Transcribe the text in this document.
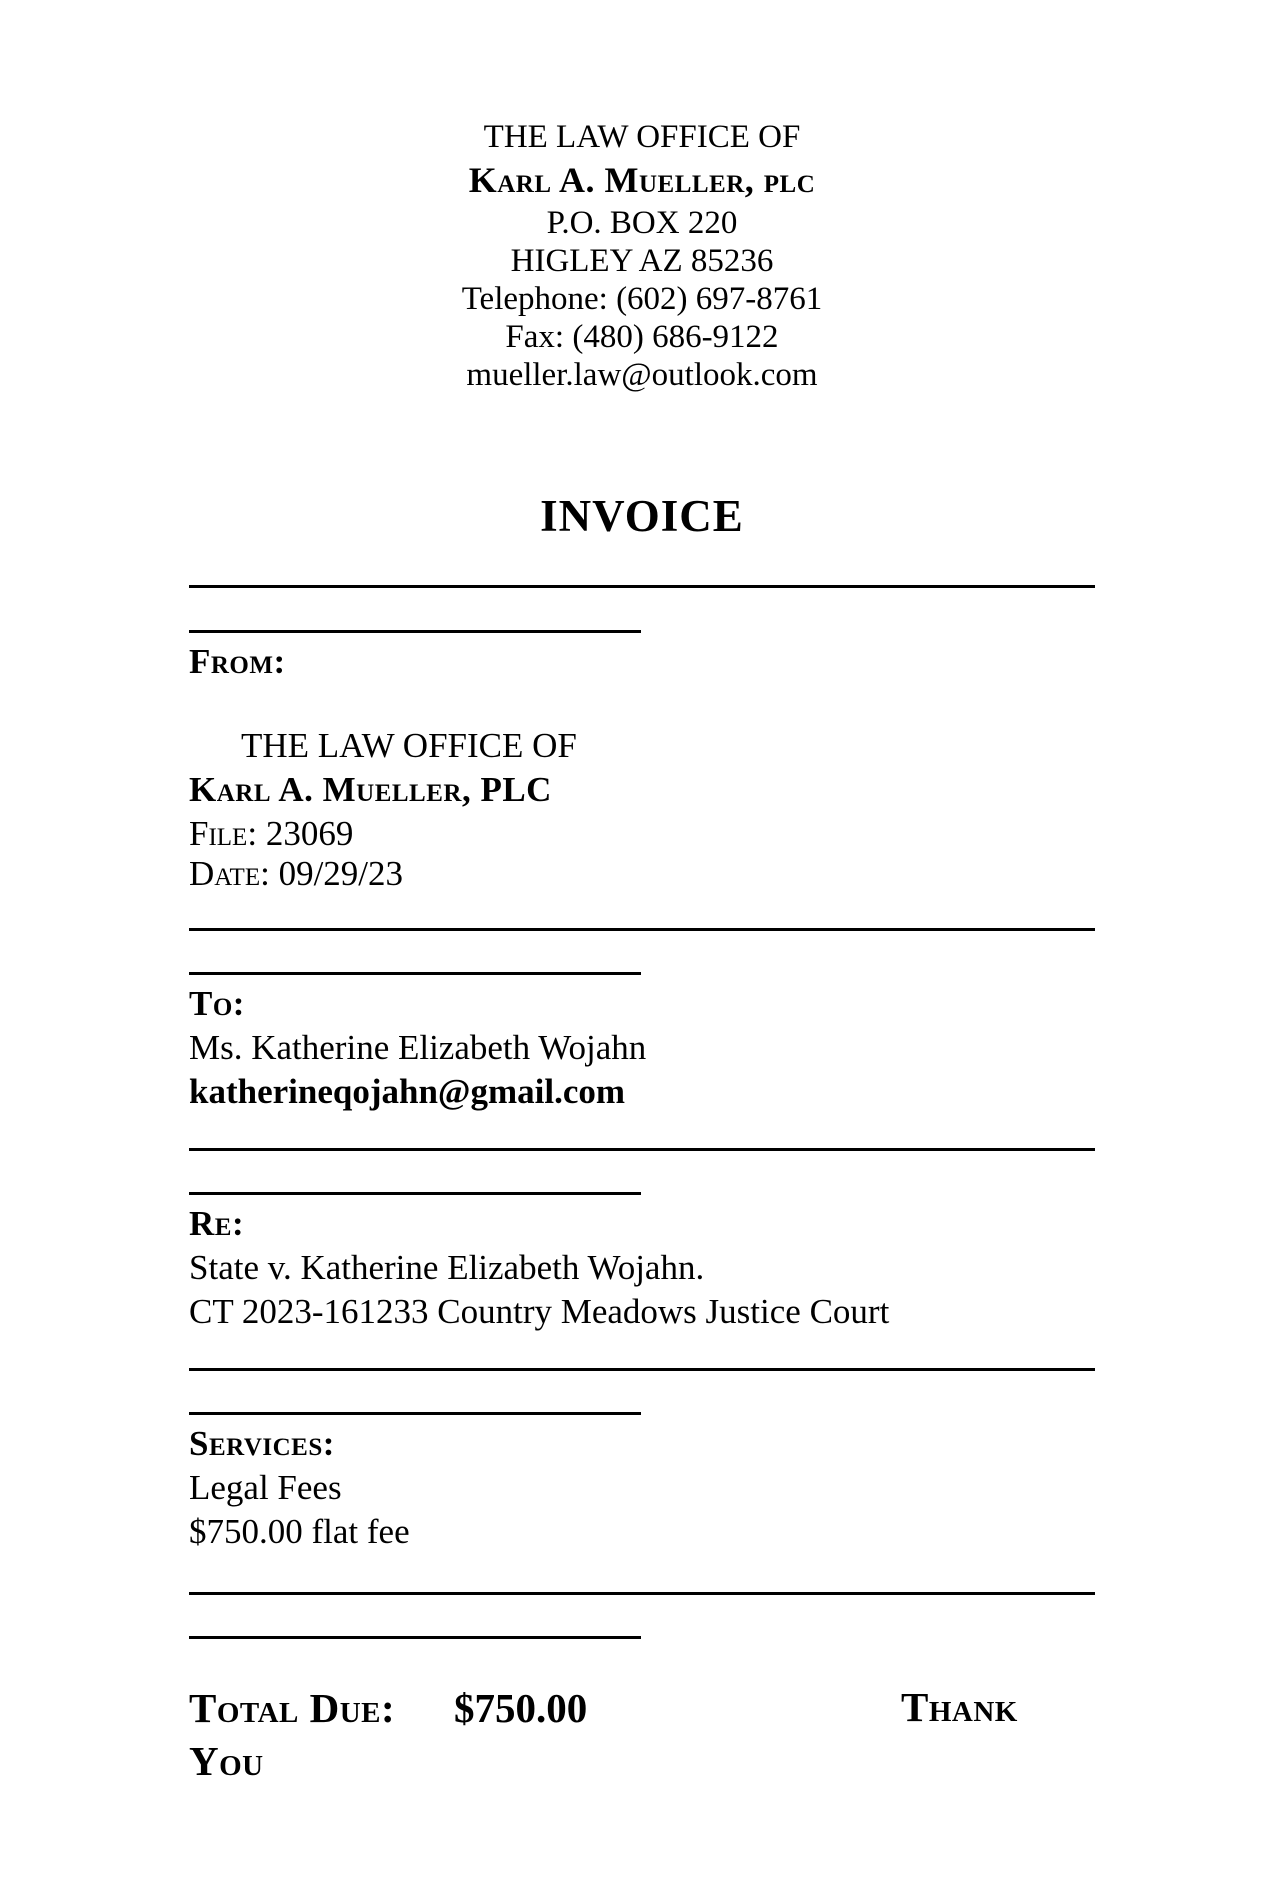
THE LAW OFFICE OF
Karl A. Mueller, plc
P.O. BOX 220
HIGLEY AZ 85236
Telephone: (602) 697-8761
Fax: (480) 686-9122
mueller.law@outlook.com
INVOICE
From:
THE LAW OFFICE OF
Karl A. Mueller, PLC
File: 23069
Date: 09/29/23
To:
Ms. Katherine Elizabeth Wojahn
katherineqojahn@gmail.com
Re:
State v. Katherine Elizabeth Wojahn.
CT 2023-161233 Country Meadows Justice Court
Services:
Legal Fees
$750.00 flat fee
Total Due: $750.00	Thank
You
